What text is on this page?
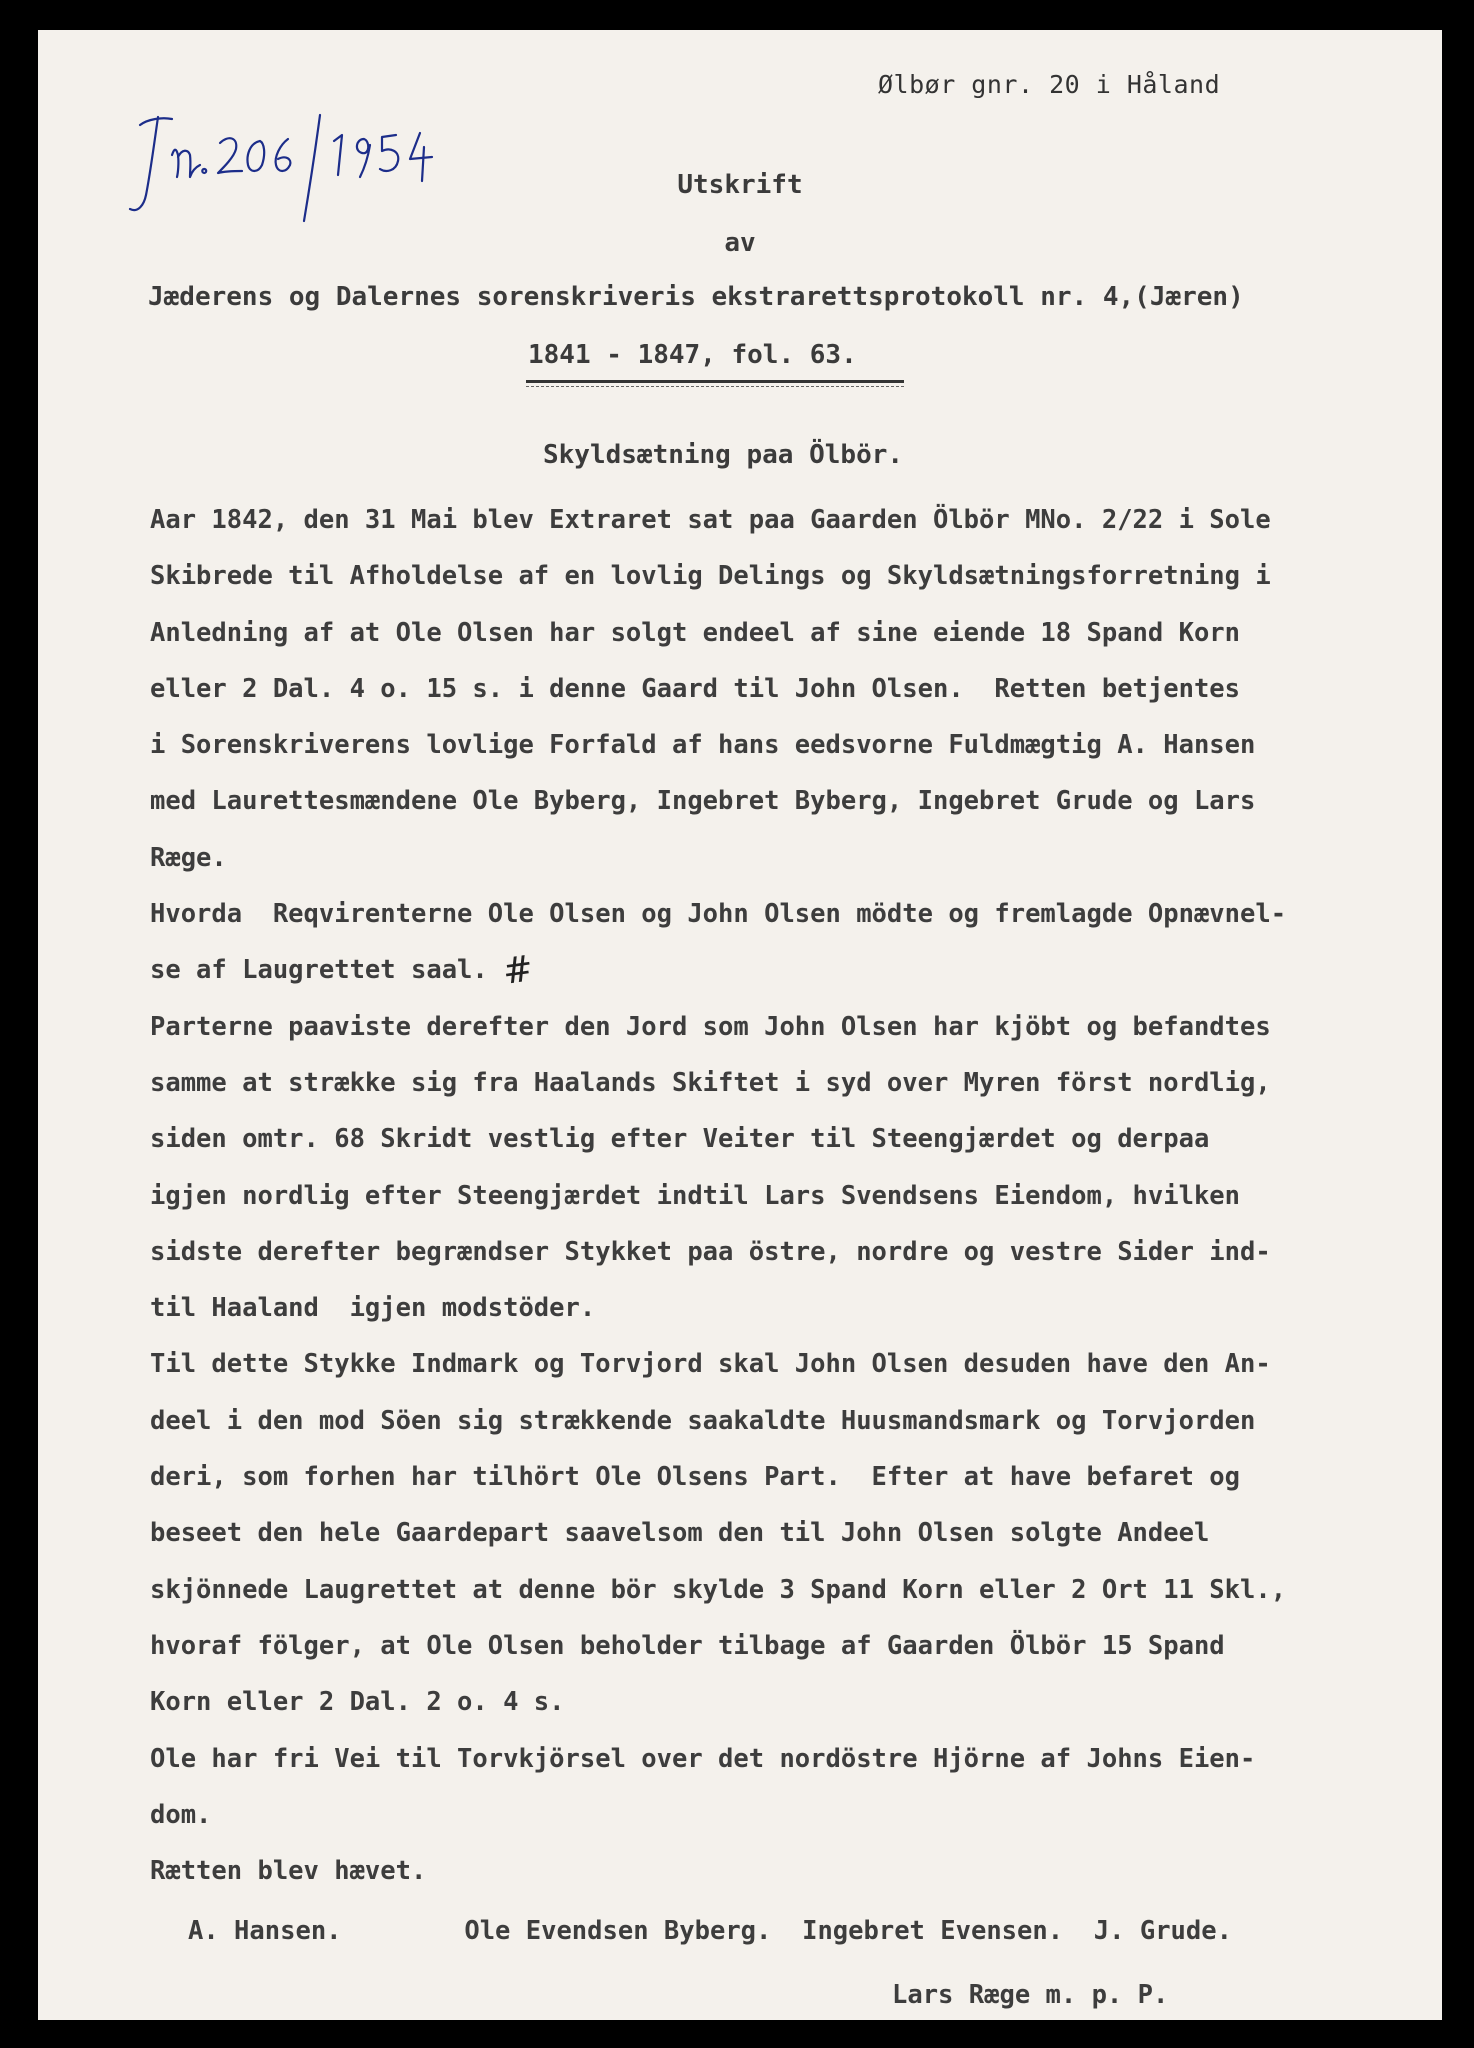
Ølbør gnr. 20 i Håland
Utskrift
av
Jæderens og Dalernes sorenskriveris ekstrarettsprotokoll nr. 4,(Jæren)
1841 - 1847, fol. 63.
Skyldsætning paa Ölbör.
Aar 1842, den 31 Mai blev Extraret sat paa Gaarden Ölbör MNo. 2/22 i Sole
Skibrede til Afholdelse af en lovlig Delings og Skyldsætningsforretning i
Anledning af at Ole Olsen har solgt endeel af sine eiende 18 Spand Korn
eller 2 Dal. 4 o. 15 s. i denne Gaard til John Olsen.  Retten betjentes
i Sorenskriverens lovlige Forfald af hans eedsvorne Fuldmægtig A. Hansen
med Laurettesmændene Ole Byberg, Ingebret Byberg, Ingebret Grude og Lars
Ræge.
Hvorda  Reqvirenterne Ole Olsen og John Olsen mödte og fremlagde Opnævnel-
se af Laugrettet saal. #
Parterne paaviste derefter den Jord som John Olsen har kjöbt og befandtes
samme at strække sig fra Haalands Skiftet i syd over Myren först nordlig,
siden omtr. 68 Skridt vestlig efter Veiter til Steengjærdet og derpaa
igjen nordlig efter Steengjærdet indtil Lars Svendsens Eiendom, hvilken
sidste derefter begrændser Stykket paa östre, nordre og vestre Sider ind-
til Haaland  igjen modstöder.
Til dette Stykke Indmark og Torvjord skal John Olsen desuden have den An-
deel i den mod Söen sig strækkende saakaldte Huusmandsmark og Torvjorden
deri, som forhen har tilhört Ole Olsens Part.  Efter at have befaret og
beseet den hele Gaardepart saavelsom den til John Olsen solgte Andeel
skjönnede Laugrettet at denne bör skylde 3 Spand Korn eller 2 Ort 11 Skl.,
hvoraf fölger, at Ole Olsen beholder tilbage af Gaarden Ölbör 15 Spand
Korn eller 2 Dal. 2 o. 4 s.
Ole har fri Vei til Torvkjörsel over det nordöstre Hjörne af Johns Eien-
dom.
Rætten blev hævet.
A. Hansen.        Ole Evendsen Byberg.  Ingebret Evensen.  J. Grude.
Lars Ræge m. p. P.
